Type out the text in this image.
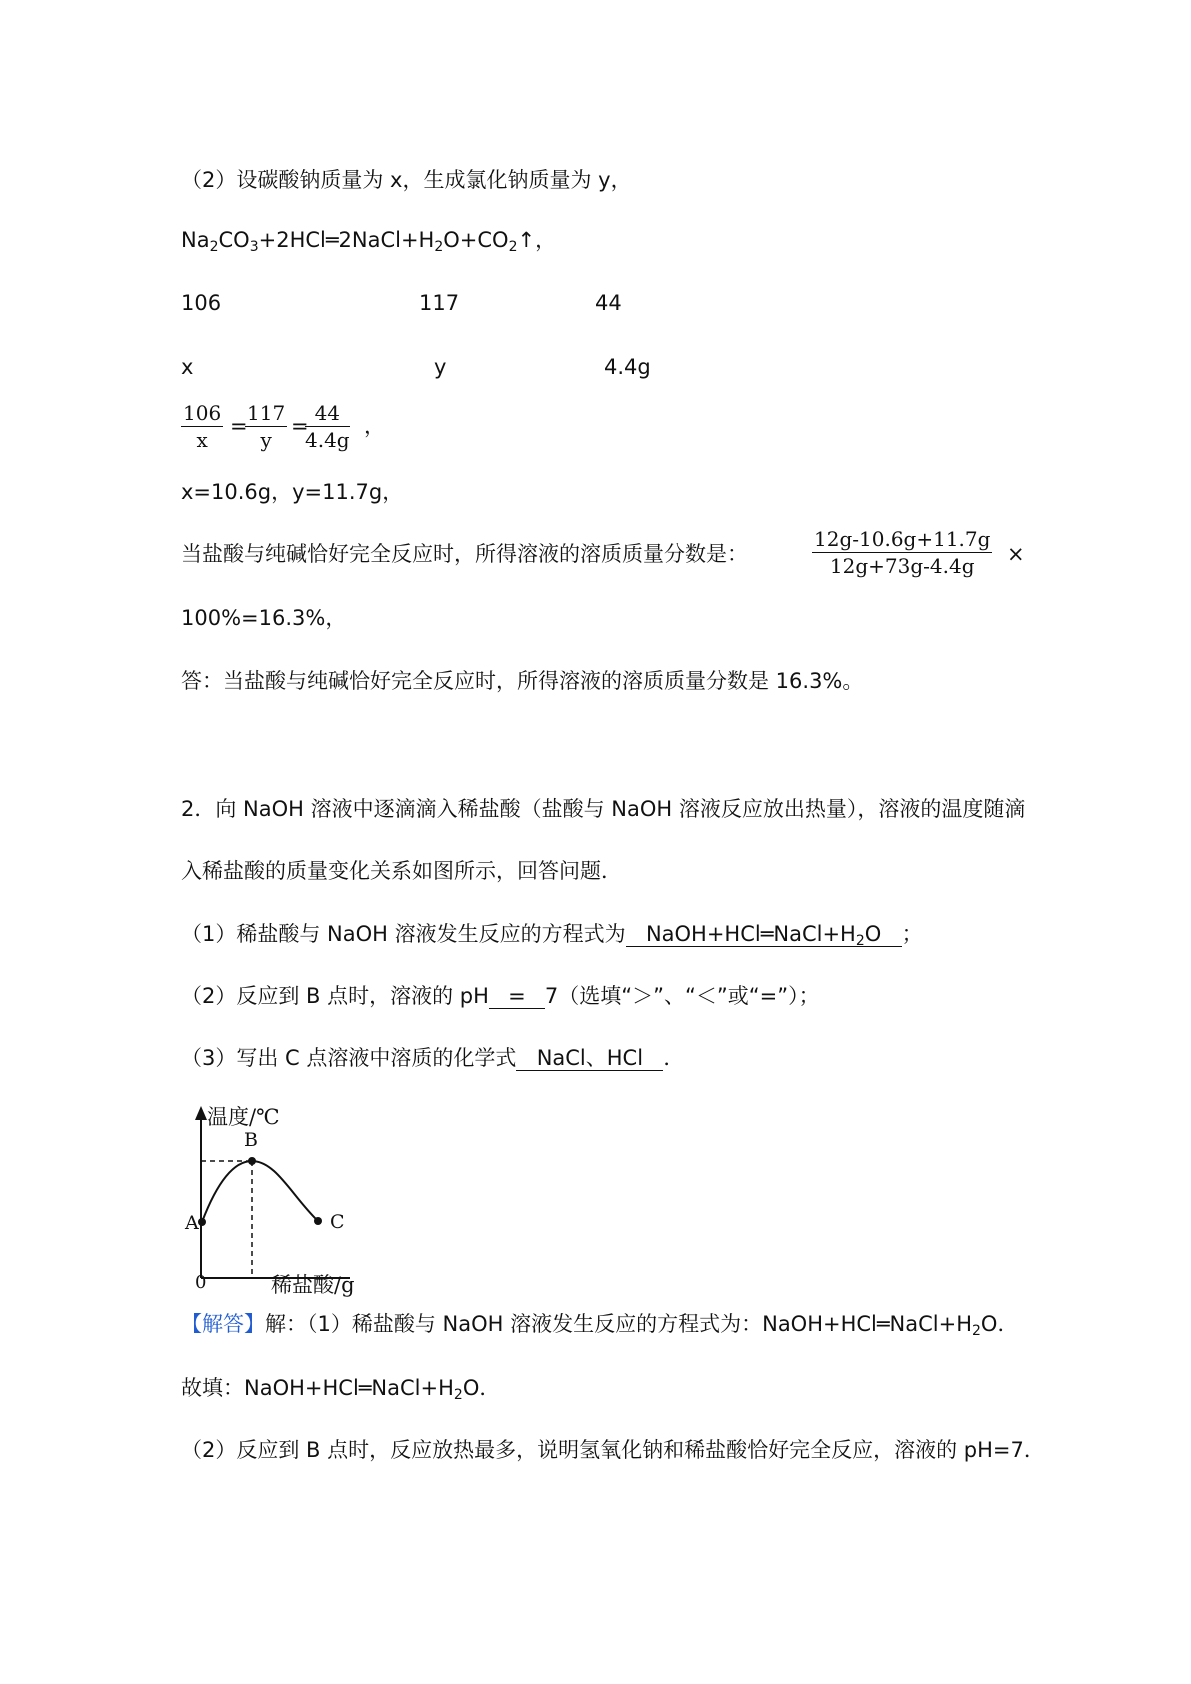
（2）设碳酸钠质量为 x，生成氯化钠质量为 y，
$Na_2CO_3+2HCl═2NaCl+H_2O+CO_2↑$，
106	117	44
x	y	4.4g
106
x
=
117
y
=
44
4.4g
，
x=10.6g，y=11.7g，
当盐酸与纯碱恰好完全反应时，所得溶液的溶质质量分数是：
12g-10.6g+11.7g
12g+73g-4.4g	×
100%=16.3%，
答：当盐酸与纯碱恰好完全反应时，所得溶液的溶质质量分数是 16.3%。
2．向 NaOH 溶液中逐滴滴入稀盐酸（盐酸与 NaOH 溶液反应放出热量），溶液的温度随滴
入稀盐酸的质量变化关系如图所示，回答问题．
（1）稀盐酸与 NaOH 溶液发生反应的方程式为 $NaOH+HCl═NaCl+H_2O$ ；
（2）反应到 B 点时，溶液的 pH = 7（选填“＞”、“＜”或“=”）；
（3）写出 C 点溶液中溶质的化学式 NaCl、HCl ．
温度/℃
B
A	C
0	稀盐酸/g
【解答】解：（1）稀盐酸与 NaOH 溶液发生反应的方程式为：$NaOH+HCl═NaCl+H_2O$．
故填：$NaOH+HCl═NaCl+H_2O$．
（2）反应到 B 点时，反应放热最多，说明氢氧化钠和稀盐酸恰好完全反应，溶液的 pH=7．
